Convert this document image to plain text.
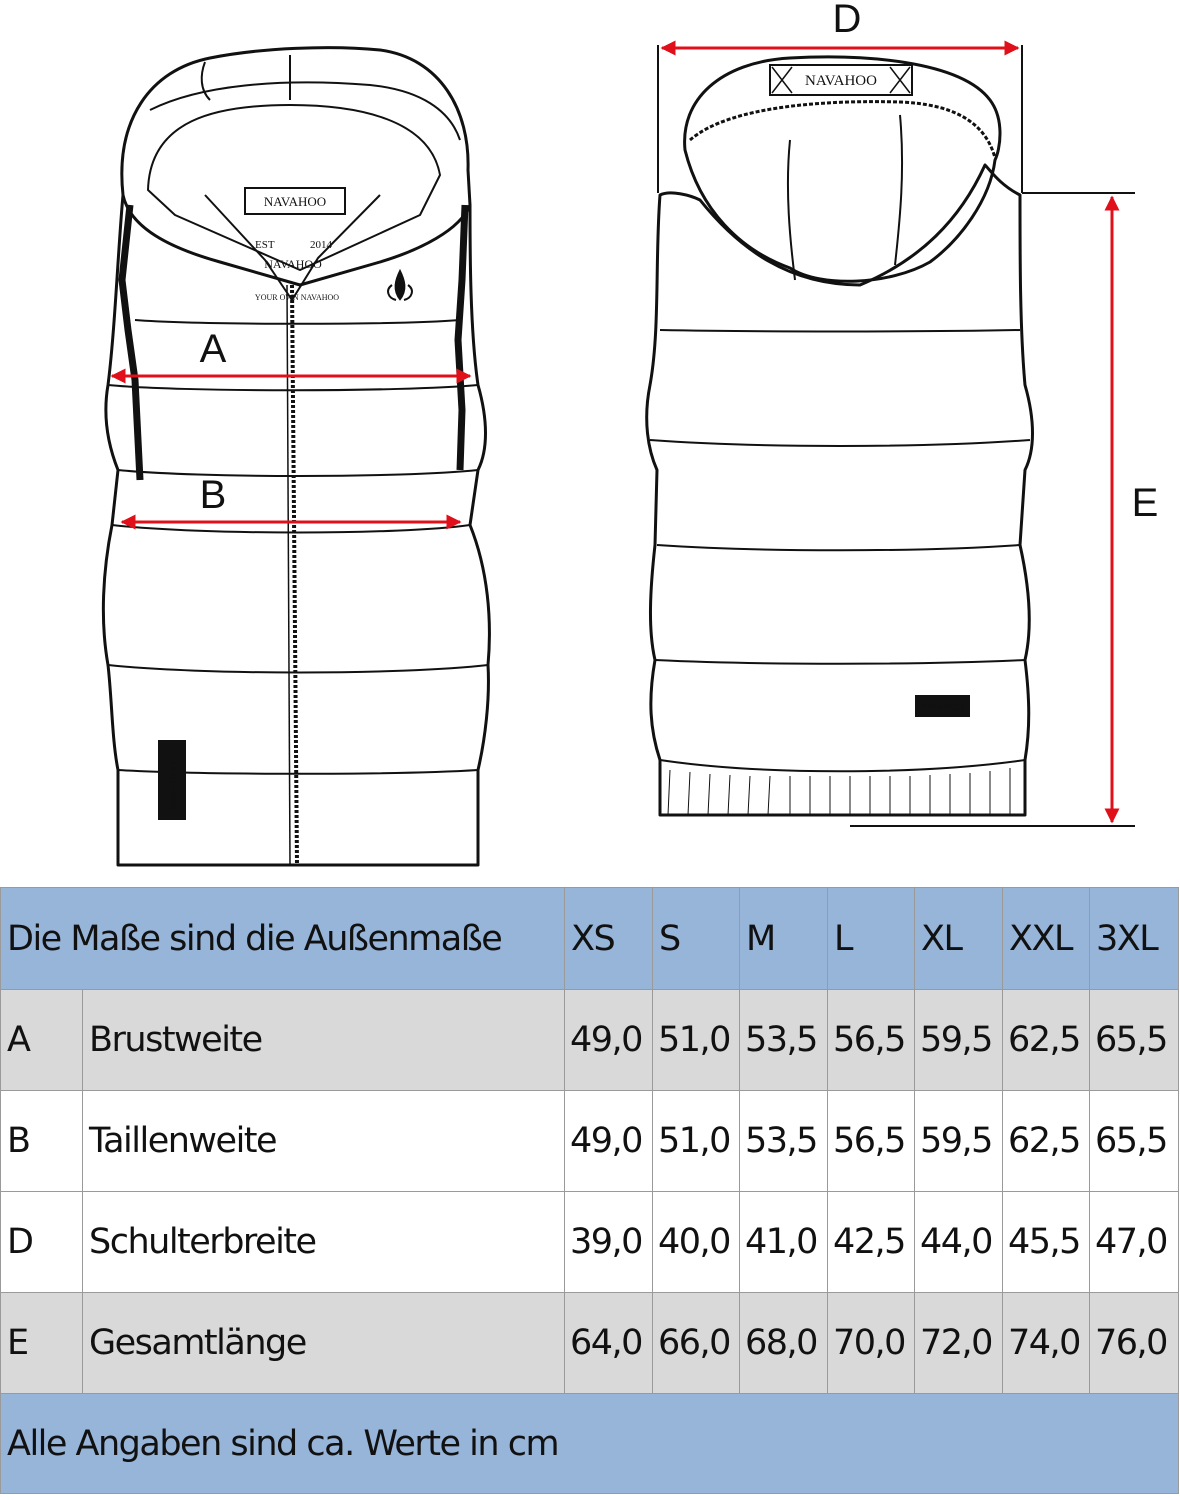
NAVAHOO
EST	2014
NAVAHOO
YOUR OWN NAVAHOO
NAVAHOO
NAVAHOO
NAVAHOO
A
B
D
E
Die Maße sind die Außenmaße		XS	S	M	L	XL	XXL	3XL
A	Brustweite	49,0	51,0	53,5	56,5	59,5	62,5	65,5
B	Taillenweite	49,0	51,0	53,5	56,5	59,5	62,5	65,5
D	Schulterbreite	39,0	40,0	41,0	42,5	44,0	45,5	47,0
E	Gesamtlänge	64,0	66,0	68,0	70,0	72,0	74,0	76,0
Alle Angaben sind ca. Werte in cm								
